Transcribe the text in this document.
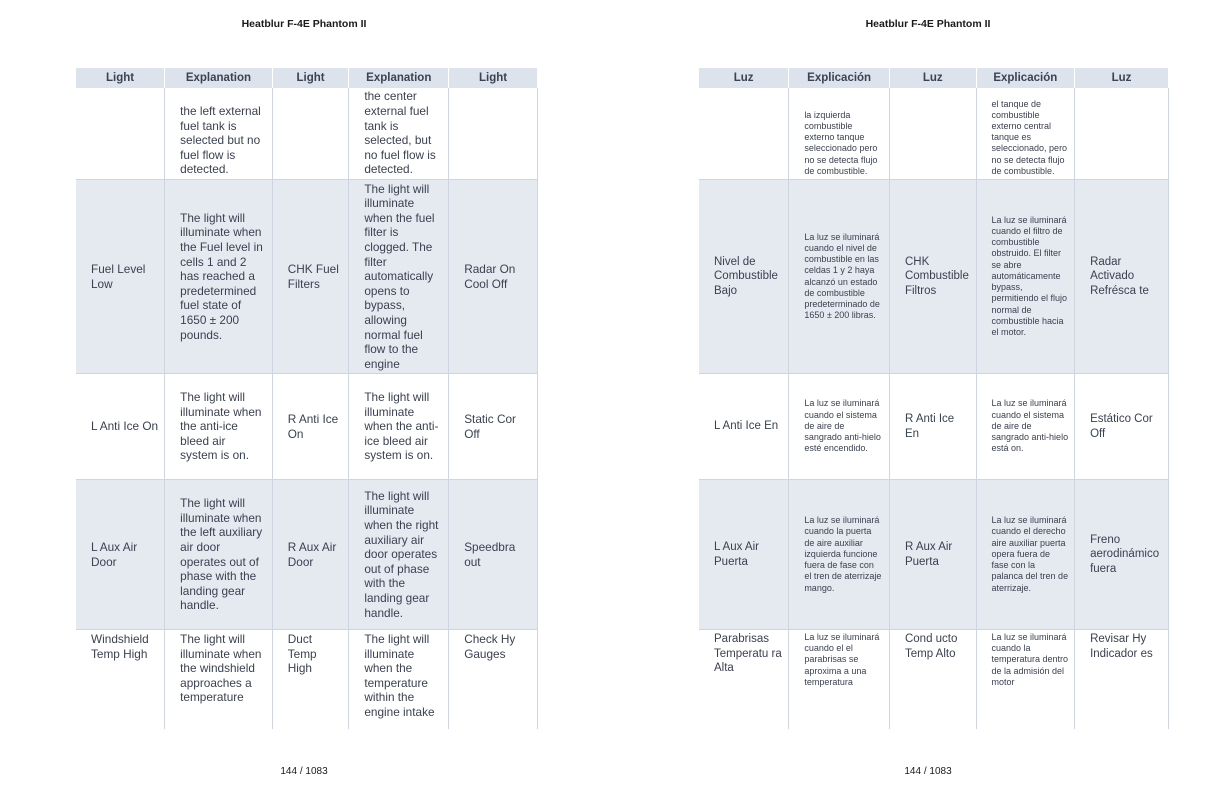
Heatblur F-4E Phantom II
Light	Explanation	Light	Explanation	Light
	the left external fuel tank is selected but no fuel flow is detected.		the center external fuel tank is selected, but no fuel flow is detected.	
Fuel Level Low	The light will illuminate when the Fuel level in cells 1 and 2 has reached a predetermined fuel state of 1650 ± 200 pounds.	CHK Fuel Filters	The light will illuminate when the fuel filter is clogged. The filter automatically opens to bypass, allowing normal fuel flow to the engine	Radar On Cool Off
L Anti Ice On	The light will illuminate when the anti-ice bleed air system is on.	R Anti Ice On	The light will illuminate when the anti-ice bleed air system is on.	Static Cor Off
L Aux Air Door	The light will illuminate when the left auxiliary air door operates out of phase with the landing gear handle.	R Aux Air Door	The light will illuminate when the right auxiliary air door operates out of phase with the landing gear handle.	Speedbra out
Windshield Temp High	The light will illuminate when the windshield approaches a temperature	Duct Temp High	The light will illuminate when the temperature within the engine intake	Check Hy Gauges
144 / 1083
Heatblur F-4E Phantom II
Luz	Explicación	Luz	Explicación	Luz
	la izquierda combustible externo tanque seleccionado pero no se detecta flujo de combustible.		el tanque de combustible externo central tanque es seleccionado, pero no se detecta flujo de combustible.	
Nivel de Combustible Bajo	La luz se iluminará cuando el nivel de combustible en las celdas 1 y 2 haya alcanzó un estado de combustible predeterminado de 1650 ± 200 libras.	CHK Combustible Filtros	La luz se iluminará cuando el filtro de combustible obstruido. El filter se abre automáticamente bypass, permitiendo el flujo normal de combustible hacia el motor.	Radar Activado Refrésca te
L Anti Ice En	La luz se iluminará cuando el sistema de aire de sangrado anti-hielo esté encendido.	R Anti Ice En	La luz se iluminará cuando el sistema de aire de sangrado anti-hielo está on.	Estático Cor Off
L Aux Air Puerta	La luz se iluminará cuando la puerta de aire auxiliar izquierda funcione fuera de fase con el tren de aterrizaje mango.	R Aux Air Puerta	La luz se iluminará cuando el derecho aire auxiliar puerta opera fuera de fase con la palanca del tren de aterrizaje.	Freno aerodinámico fuera
Parabrisas Temperatu ra Alta	La luz se iluminará cuando el el parabrisas se aproxima a una temperatura	Cond ucto Temp Alto	La luz se iluminará cuando la temperatura dentro de la admisión del motor	Revisar Hy Indicador es
144 / 1083
